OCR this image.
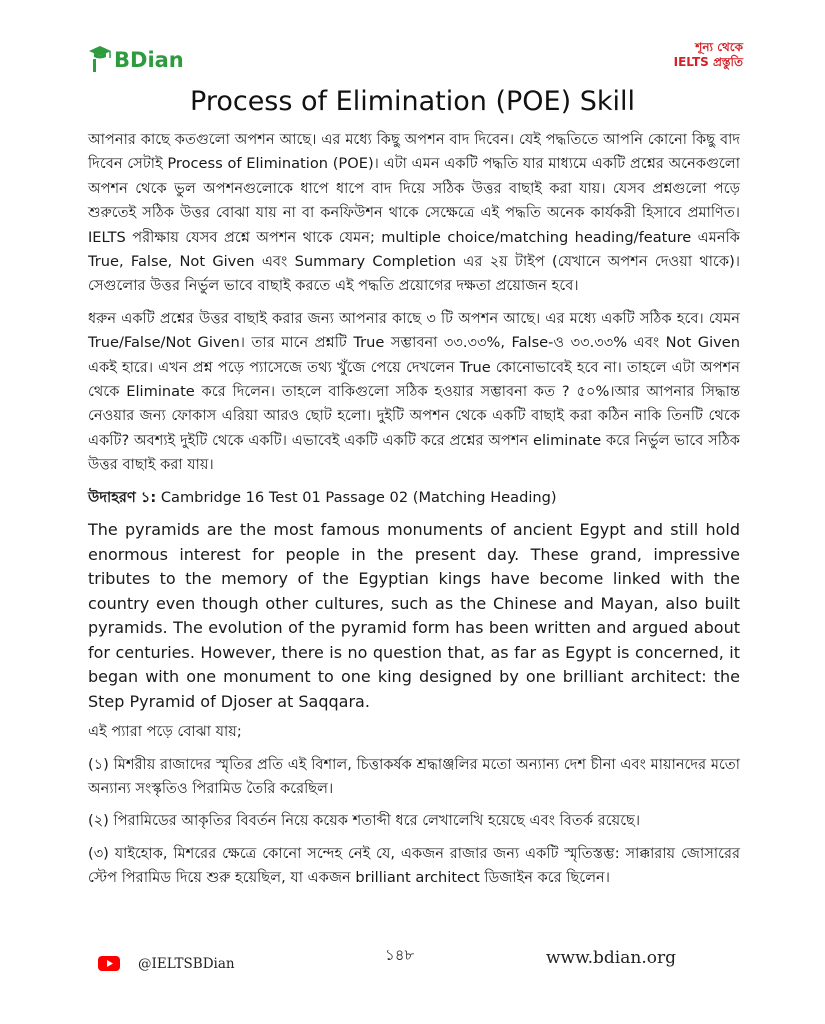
BDian
শূন্য থেকে
IELTS প্রস্তুতি
Process of Elimination (POE) Skill

আপনার কাছে কতগুলো অপশন আছে। এর মধ্যে কিছু অপশন বাদ দিবেন। যেই পদ্ধতিতে আপনি কোনো কিছু বাদ দিবেন সেটাই Process of Elimination (POE)। এটা এমন একটি পদ্ধতি যার মাধ্যমে একটি প্রশ্নের অনেকগুলো অপশন থেকে ভুল অপশনগুলোকে ধাপে ধাপে বাদ দিয়ে সঠিক উত্তর বাছাই করা যায়। যেসব প্রশ্নগুলো পড়ে শুরুতেই সঠিক উত্তর বোঝা যায় না বা কনফিউশন থাকে সেক্ষেত্রে এই পদ্ধতি অনেক কার্যকরী হিসাবে প্রমাণিত। IELTS পরীক্ষায় যেসব প্রশ্নে অপশন থাকে যেমন; multiple choice/matching heading/feature এমনকি True, False, Not Given এবং Summary Completion এর ২য় টাইপ (যেখানে অপশন দেওয়া থাকে)। সেগুলোর উত্তর নির্ভুল ভাবে বাছাই করতে এই পদ্ধতি প্রয়োগের দক্ষতা প্রয়োজন হবে।

ধরুন একটি প্রশ্নের উত্তর বাছাই করার জন্য আপনার কাছে ৩ টি অপশন আছে। এর মধ্যে একটি সঠিক হবে। যেমন True/False/Not Given। তার মানে প্রশ্নটি True সম্ভাবনা ৩৩.৩৩%, False-ও ৩৩.৩৩% এবং Not Given একই হারে। এখন প্রশ্ন পড়ে প্যাসেজে তথ্য খুঁজে পেয়ে দেখলেন True কোনোভাবেই হবে না। তাহলে এটা অপশন থেকে Eliminate করে দিলেন। তাহলে বাকিগুলো সঠিক হওয়ার সম্ভাবনা কত ? ৫০%।আর আপনার সিদ্ধান্ত নেওয়ার জন্য ফোকাস এরিয়া আরও ছোট হলো। দুইটি অপশন থেকে একটি বাছাই করা কঠিন নাকি তিনটি থেকে একটি? অবশ্যই দুইটি থেকে একটি। এভাবেই একটি একটি করে প্রশ্নের অপশন eliminate করে নির্ভুল ভাবে সঠিক উত্তর বাছাই করা যায়।

উদাহরণ ১: Cambridge 16 Test 01 Passage 02 (Matching Heading)

The pyramids are the most famous monuments of ancient Egypt and still hold enormous interest for people in the present day. These grand, impressive tributes to the memory of the Egyptian kings have become linked with the country even though other cultures, such as the Chinese and Mayan, also built pyramids. The evolution of the pyramid form has been written and argued about for centuries. However, there is no question that, as far as Egypt is concerned, it began with one monument to one king designed by one brilliant architect: the Step Pyramid of Djoser at Saqqara.

এই প্যারা পড়ে বোঝা যায়;

(১) মিশরীয় রাজাদের স্মৃতির প্রতি এই বিশাল, চিত্তাকর্ষক শ্রদ্ধাঞ্জলির মতো অন্যান্য দেশ চীনা এবং মায়ানদের মতো অন্যান্য সংস্কৃতিও পিরামিড তৈরি করেছিল।

(২) পিরামিডের আকৃতির বিবর্তন নিয়ে কয়েক শতাব্দী ধরে লেখালেখি হয়েছে এবং বিতর্ক রয়েছে।

(৩) যাইহোক, মিশরের ক্ষেত্রে কোনো সন্দেহ নেই যে, একজন রাজার জন্য একটি স্মৃতিস্তম্ভ: সাক্কারায় জোসারের স্টেপ পিরামিড দিয়ে শুরু হয়েছিল, যা একজন brilliant architect ডিজাইন করে ছিলেন।

@IELTSBDian	১৪৮	www.bdian.org
